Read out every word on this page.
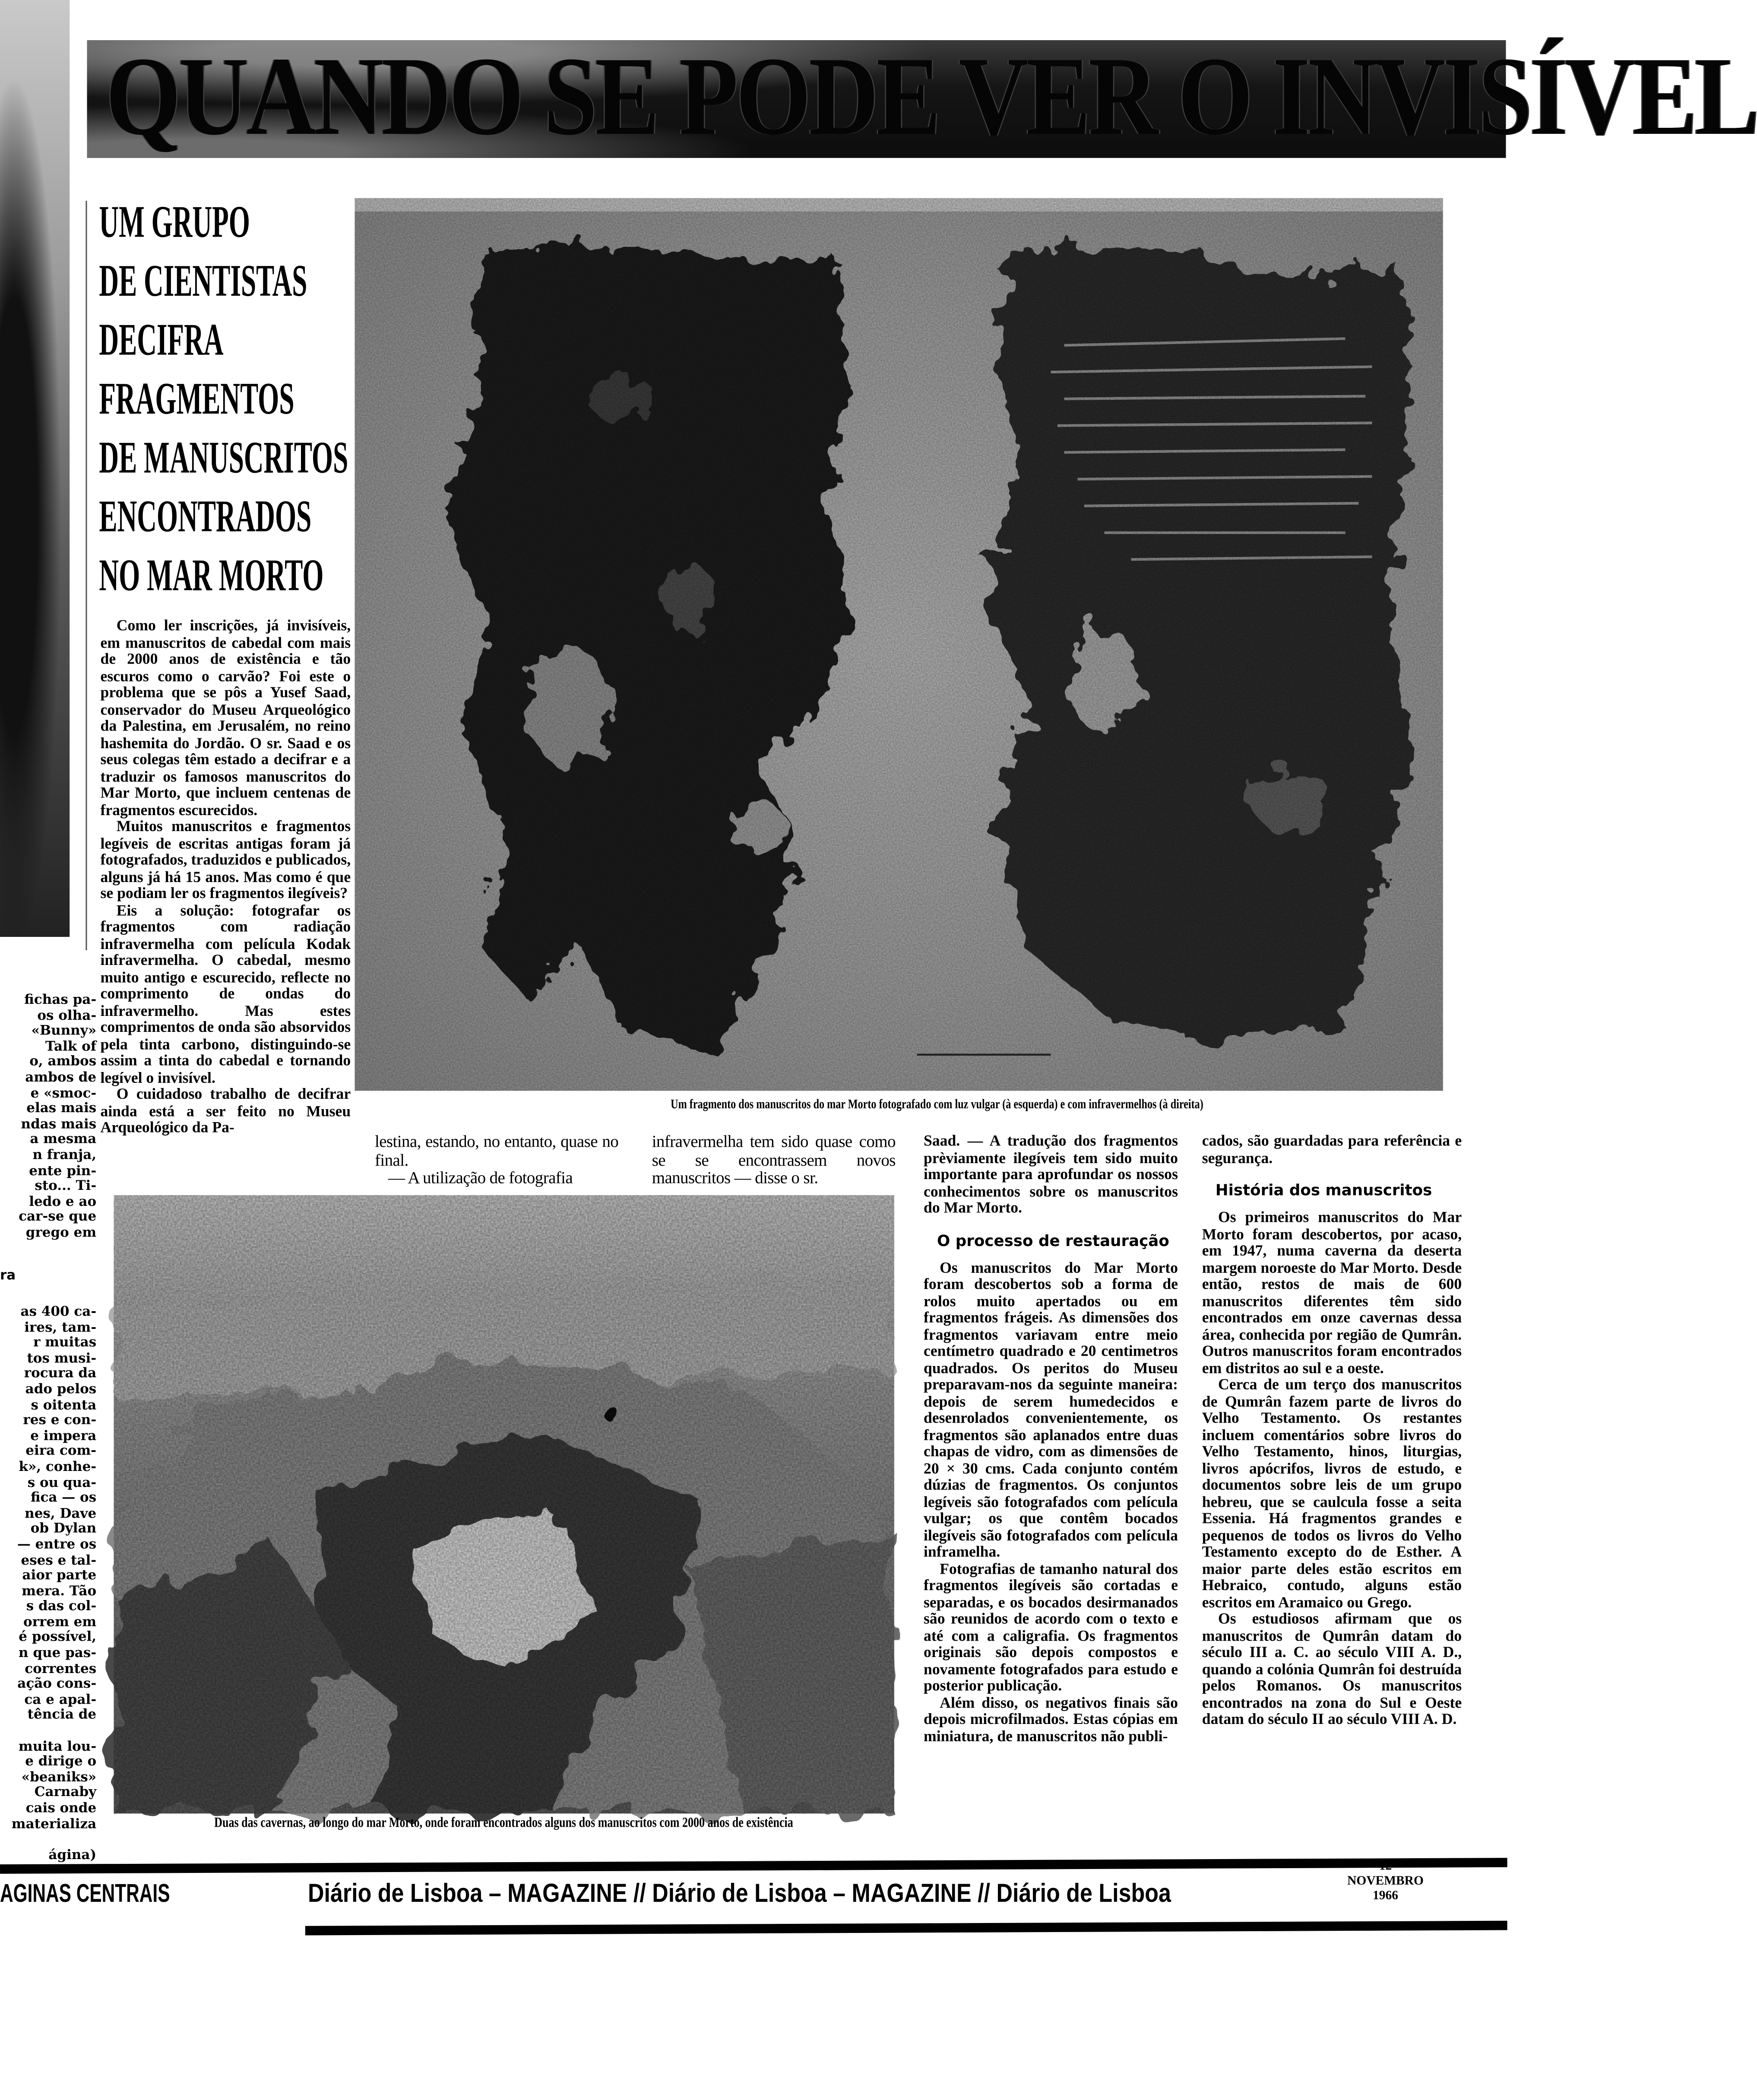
fichas pa-
os olha-
«Bunny»
Talk of
o, ambos
ambos de
e «smoc-
elas mais
ndas mais
a mesma
n franja,
ente pin-
sto... Ti-
ledo e ao
car-se que
grego em
ra
as 400 ca-
ires, tam-
r muitas
tos musi-
rocura da
ado pelos
s oitenta
res e con-
e impera
eira com-
k», conhe-
s ou qua-
fica — os
nes, Dave
ob Dylan
— entre os
eses e tal-
aior parte
mera. Tão
s das col-
orrem em
é possível,
n que pas-
correntes
ação cons-
ca e apal-
tência de
muita lou-
e dirige o
«beaniks»
Carnaby
cais onde
materializa
ágina)
QUANDO SE PODE VER O INVISÍVEL
UM GRUPO
DE CIENTISTAS
DECIFRA
FRAGMENTOS
DE MANUSCRITOS
ENCONTRADOS
NO MAR MORTO

Como ler inscrições, já invisíveis, em manuscritos de cabedal com mais de 2000 anos de existência e tão escuros como o carvão? Foi este o problema que se pôs a Yusef Saad, conservador do Museu Arqueológico da Palestina, em Jerusalém, no reino hashemita do Jordão. O sr. Saad e os seus colegas têm estado a decifrar e a traduzir os famosos manuscritos do Mar Morto, que incluem centenas de fragmentos escurecidos.

Muitos manuscritos e fragmentos legíveis de escritas antigas foram já fotografados, traduzidos e publicados, alguns já há 15 anos. Mas como é que se podiam ler os fragmentos ilegíveis?

Eis a solução: fotografar os fragmentos com radiação infravermelha com película Kodak infravermelha. O cabedal, mesmo muito antigo e escurecido, reflecte no comprimento de ondas do infravermelho. Mas estes comprimentos de onda são absorvidos pela tinta carbono, distinguindo-se assim a tinta do cabedal e tornando legível o invisível.

O cuidadoso trabalho de decifrar ainda está a ser feito no Museu Arqueológico da Pa-

Um fragmento dos manuscritos do mar Morto fotografado com luz vulgar (à esquerda) e com infravermelhos (à direita)

lestina, estando, no entanto, quase no final.

— A utilização de fotografia

infravermelha tem sido quase como se se encontrassem novos manuscritos — disse o sr.

Duas das cavernas, ao longo do mar Morto, onde foram encontrados alguns dos manuscritos com 2000 anos de existência

Saad. — A tradução dos fragmentos prèviamente ilegíveis tem sido muito importante para aprofundar os nossos conhecimentos sobre os manuscritos do Mar Morto.

O processo de restauração

Os manuscritos do Mar Morto foram descobertos sob a forma de rolos muito apertados ou em fragmentos frágeis. As dimensões dos fragmentos variavam entre meio centímetro quadrado e 20 centimetros quadrados. Os peritos do Museu preparavam-nos da seguinte maneira: depois de serem humedecidos e desenrolados convenientemente, os fragmentos são aplanados entre duas chapas de vidro, com as dimensões de 20 × 30 cms. Cada conjunto contém dúzias de fragmentos. Os conjuntos legíveis são fotografados com película vulgar; os que contêm bocados ilegíveis são fotografados com película inframelha.

Fotografias de tamanho natural dos fragmentos ilegíveis são cortadas e separadas, e os bocados desirmanados são reunidos de acordo com o texto e até com a caligrafia. Os fragmentos originais são depois compostos e novamente fotografados para estudo e posterior publicação.

Além disso, os negativos finais são depois microfilmados. Estas cópias em miniatura, de manuscritos não publi-

cados, são guardadas para referência e segurança.

História dos manuscritos

Os primeiros manuscritos do Mar Morto foram descobertos, por acaso, em 1947, numa caverna da deserta margem noroeste do Mar Morto. Desde então, restos de mais de 600 manuscritos diferentes têm sido encontrados em onze cavernas dessa área, conhecida por região de Qumrân. Outros manuscritos foram encontrados em distritos ao sul e a oeste.

Cerca de um terço dos manuscritos de Qumrân fazem parte de livros do Velho Testamento. Os restantes incluem comentários sobre livros do Velho Testamento, hinos, liturgias, livros apócrifos, livros de estudo, e documentos sobre leis de um grupo hebreu, que se caulcula fosse a seita Essenia. Há fragmentos grandes e pequenos de todos os livros do Velho Testamento excepto do de Esther. A maior parte deles estão escritos em Hebraico, contudo, alguns estão escritos em Aramaico ou Grego.

Os estudiosos afirmam que os manuscritos de Qumrân datam do século III a. C. ao século VIII A. D., quando a colónia Qumrân foi destruída pelos Romanos. Os manuscritos encontrados na zona do Sul e Oeste datam do século II ao século VIII A. D.

AGINAS CENTRAIS	Diário de Lisboa – MAGAZINE // Diário de Lisboa – MAGAZINE // Diário de Lisboa
12
NOVEMBRO
1966
